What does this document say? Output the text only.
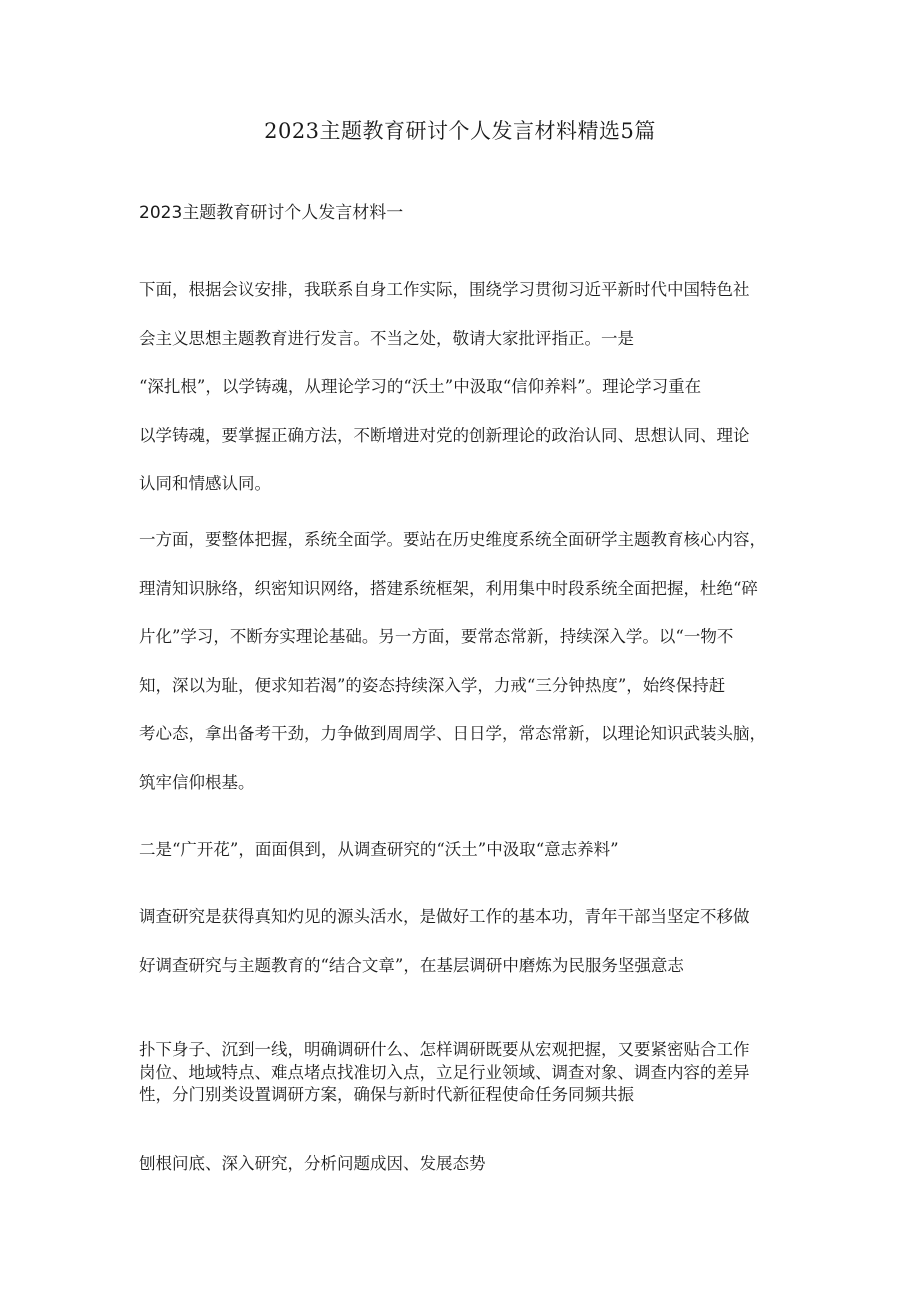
2023主题教育研讨个人发言材料精选5篇
2023主题教育研讨个人发言材料一

下面，根据会议安排，我联系自身工作实际，围绕学习贯彻习近平新时代中国特色社
会主义思想主题教育进行发言。不当之处，敬请大家批评指正。一是
“深扎根”，以学铸魂，从理论学习的“沃土”中汲取“信仰养料”。理论学习重在
以学铸魂，要掌握正确方法，不断增进对党的创新理论的政治认同、思想认同、理论
认同和情感认同。

一方面，要整体把握，系统全面学。要站在历史维度系统全面研学主题教育核心内容，
理清知识脉络，织密知识网络，搭建系统框架，利用集中时段系统全面把握，杜绝“碎
片化”学习，不断夯实理论基础。另一方面，要常态常新，持续深入学。以“一物不
知，深以为耻，便求知若渴”的姿态持续深入学，力戒“三分钟热度”，始终保持赶
考心态，拿出备考干劲，力争做到周周学、日日学，常态常新，以理论知识武装头脑，
筑牢信仰根基。

二是“广开花”，面面俱到，从调查研究的“沃土”中汲取“意志养料”

调查研究是获得真知灼见的源头活水，是做好工作的基本功，青年干部当坚定不移做
好调查研究与主题教育的“结合文章”，在基层调研中磨炼为民服务坚强意志

扑下身子、沉到一线，明确调研什么、怎样调研既要从宏观把握，又要紧密贴合工作
岗位、地域特点、难点堵点找准切入点，立足行业领域、调查对象、调查内容的差异
性，分门别类设置调研方案，确保与新时代新征程使命任务同频共振

刨根问底、深入研究，分析问题成因、发展态势
